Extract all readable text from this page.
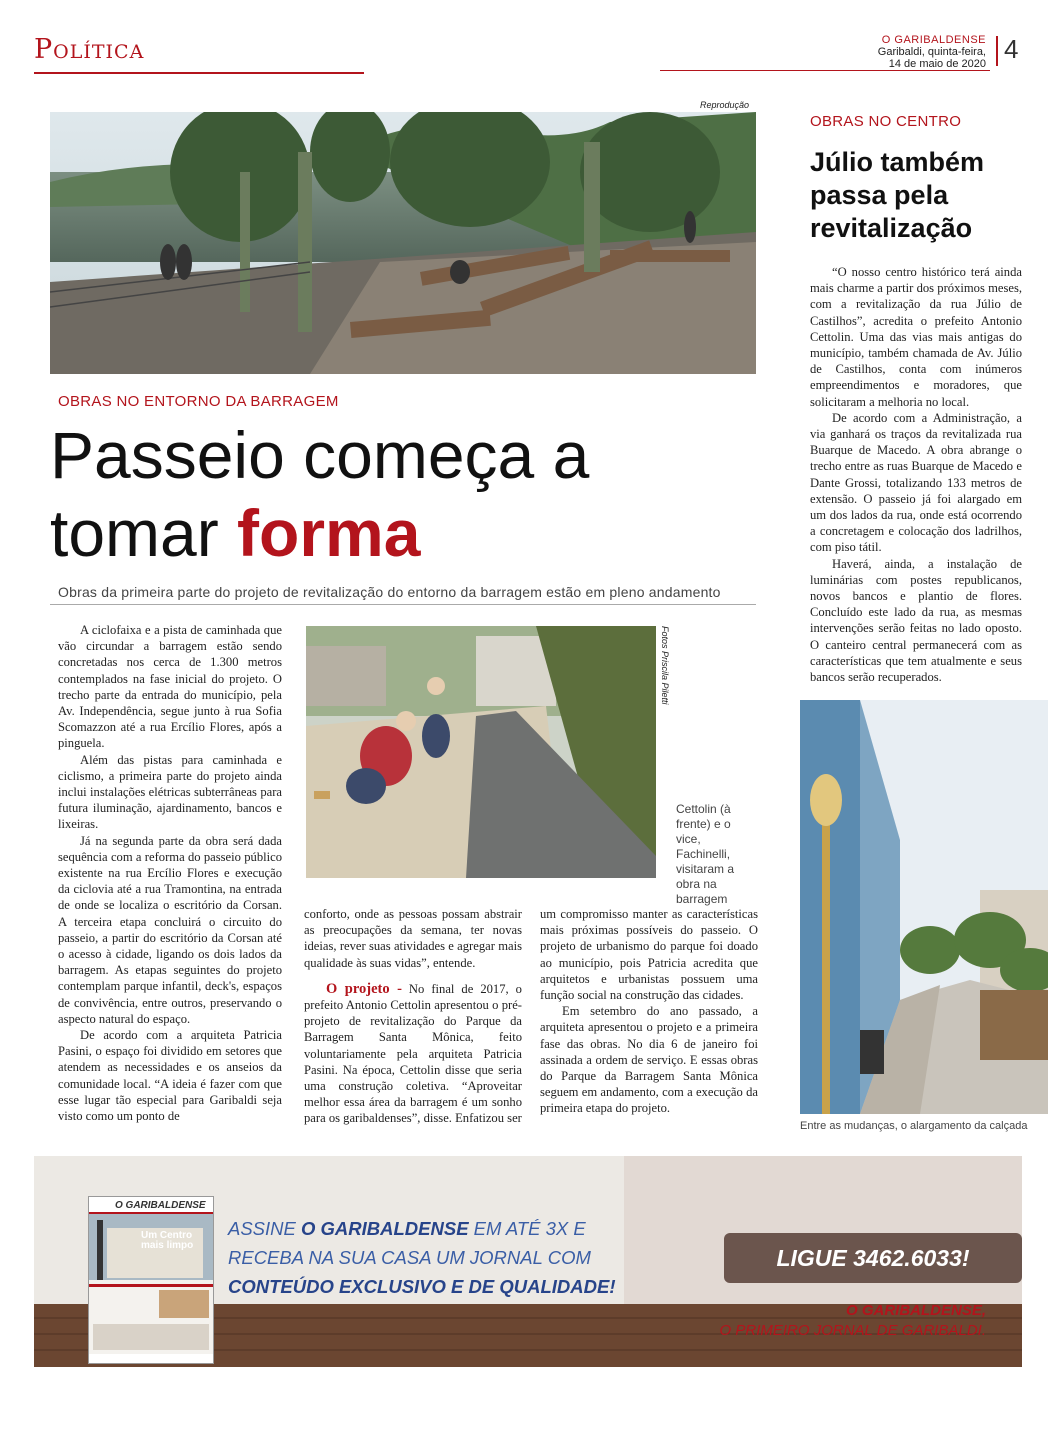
Política	O GARIBALDENSE
Garibaldi, quinta-feira,
14 de maio de 2020 4
Reprodução
OBRAS NO ENTORNO DA BARRAGEM
Passeio começa a
tomar forma
Obras da primeira parte do projeto de revitalização do entorno da barragem estão em pleno andamento

A ciclofaixa e a pista de caminhada que vão circundar a barragem estão sendo concretadas nos cerca de 1.300 metros contemplados na fase inicial do projeto. O trecho parte da entrada do município, pela Av. Independência, segue junto à rua Sofia Scomazzon até a rua Ercílio Flores, após a pinguela.

Além das pistas para caminhada e ciclismo, a primeira parte do projeto ainda inclui instalações elétricas subterrâneas para futura iluminação, ajardinamento, bancos e lixeiras.

Já na segunda parte da obra será dada sequência com a reforma do passeio público existente na rua Ercílio Flores e execução da ciclovia até a rua Tramontina, na entrada de onde se localiza o escritório da Corsan. A terceira etapa concluirá o circuito do passeio, a partir do escritório da Corsan até o acesso à cidade, ligando os dois lados da barragem. As etapas seguintes do projeto contemplam parque infantil, deck's, espaços de convivência, entre outros, preservando o aspecto natural do espaço.

De acordo com a arquiteta Patricia Pasini, o espaço foi dividido em setores que atendem as necessidades e os anseios da comunidade local. “A ideia é fazer com que esse lugar tão especial para Garibaldi seja visto como um ponto de

Fotos Priscila Piletti
Cettolin (à frente) e o vice, Fachinelli, visitaram a obra na barragem

conforto, onde as pessoas possam abstrair as preocupações da semana, ter novas ideias, rever suas atividades e agregar mais qualidade às suas vidas”, entende.

O projeto - No final de 2017, o prefeito Antonio Cettolin apresentou o pré-projeto de revitalização do Parque da Barragem Santa Mônica, feito voluntariamente pela arquiteta Patricia Pasini. Na época, Cettolin disse que seria uma construção coletiva. “Aproveitar melhor essa área da barragem é um sonho para os garibaldenses”, disse. Enfatizou ser

um compromisso manter as características mais próximas possíveis do passeio. O projeto de urbanismo do parque foi doado ao município, pois Patricia acredita que arquitetos e urbanistas possuem uma função social na construção das cidades.

Em setembro do ano passado, a arquiteta apresentou o projeto e a primeira fase das obras. No dia 6 de janeiro foi assinada a ordem de serviço. E essas obras do Parque da Barragem Santa Mônica seguem em andamento, com a execução da primeira etapa do projeto.

OBRAS NO CENTRO
Júlio também passa pela revitalização

“O nosso centro histórico terá ainda mais charme a partir dos próximos meses, com a revitalização da rua Júlio de Castilhos”, acredita o prefeito Antonio Cettolin. Uma das vias mais antigas do município, também chamada de Av. Júlio de Castilhos, conta com inúmeros empreendimentos e moradores, que solicitaram a melhoria no local.

De acordo com a Administração, a via ganhará os traços da revitalizada rua Buarque de Macedo. A obra abrange o trecho entre as ruas Buarque de Macedo e Dante Grossi, totalizando 133 metros de extensão. O passeio já foi alargado em um dos lados da rua, onde está ocorrendo a concretagem e colocação dos ladrilhos, com piso tátil.

Haverá, ainda, a instalação de luminárias com postes republicanos, novos bancos e plantio de flores. Concluído este lado da rua, as mesmas intervenções serão feitas no lado oposto. O canteiro central permanecerá com as características que tem atualmente e seus bancos serão recuperados.

Entre as mudanças, o alargamento da calçada
O GARIBALDENSE
Um Centro mais limpo
ASSINE O GARIBALDENSE EM ATÉ 3X E
RECEBA NA SUA CASA UM JORNAL COM
CONTEÚDO EXCLUSIVO E DE QUALIDADE!
LIGUE 3462.6033!
O GARIBALDENSE,
O PRIMEIRO JORNAL DE GARIBALDI.
